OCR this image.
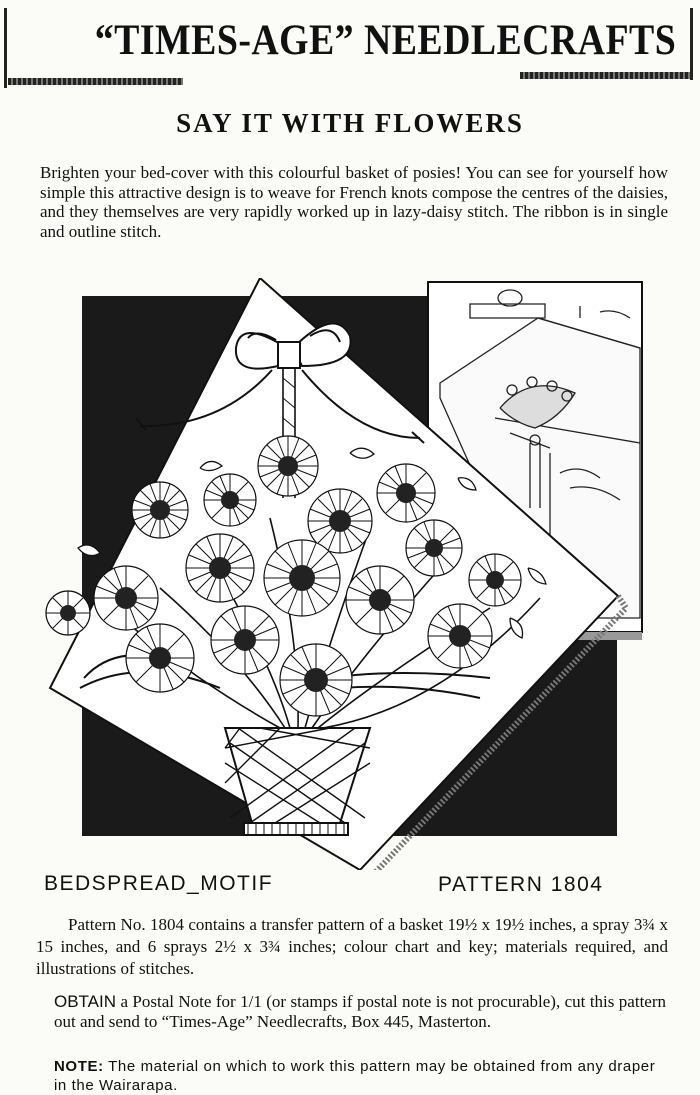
“TIMES-AGE” NEEDLECRAFTS
SAY IT WITH FLOWERS
Brighten your bed-cover with this colourful basket of posies! You can see for yourself how simple this attractive design is to weave for French knots compose the centres of the daisies, and they themselves are very rapidly worked up in lazy-daisy stitch. The ribbon is in single and outline stitch.
BEDSPREAD_MOTIF	PATTERN 1804
Pattern No. 1804 contains a transfer pattern of a basket 19½ x 19½ inches, a spray 3¾ x 15 inches, and 6 sprays 2½ x 3¾ inches; colour chart and key; materials required, and illustrations of stitches.
OBTAIN a Postal Note for 1/1 (or stamps if postal note is not procurable), cut this pattern out and send to “Times-Age” Needlecrafts, Box 445, Masterton.
NOTE: The material on which to work this pattern may be obtained from any draper in the Wairarapa.
